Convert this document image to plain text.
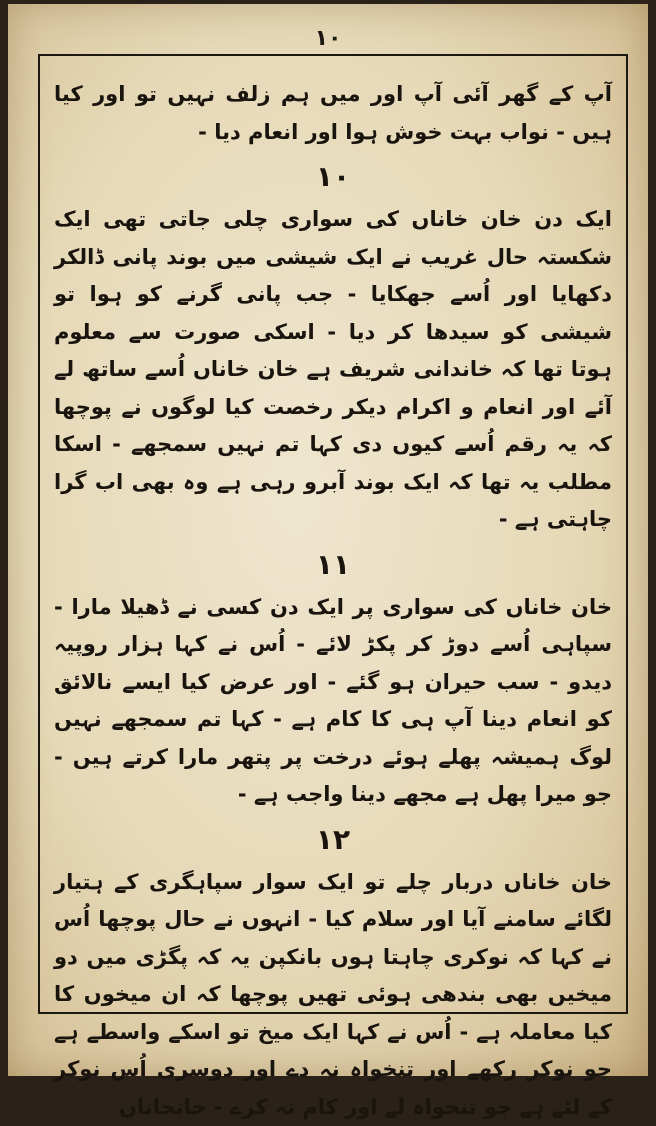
١٠

آپ کے گھر آئی آپ اور میں ہم زلف نہیں تو اور کیا ہیں - نواب بہت خوش ہوا اور انعام دیا -

١٠

ایک دن خان خاناں کی سواری چلی جاتی تھی ایک شکستہ حال غریب نے ایک شیشی میں بوند پانی ڈالکر دکھایا اور اُسے جھکایا - جب پانی گرنے کو ہوا تو شیشی کو سیدھا کر دیا - اسکی صورت سے معلوم ہوتا تھا کہ خاندانی شریف ہے خان خاناں اُسے ساتھ لے آئے اور انعام و اکرام دیکر رخصت کیا لوگوں نے پوچھا کہ یہ رقم اُسے کیوں دی کہا تم نہیں سمجھے - اسکا مطلب یہ تھا کہ ایک بوند آبرو رہی ہے وہ بھی اب گرا چاہتی ہے -

١١

خان خاناں کی سواری پر ایک دن کسی نے ڈھیلا مارا - سپاہی اُسے دوڑ کر پکڑ لائے - اُس نے کہا ہزار روپیہ دیدو - سب حیران ہو گئے - اور عرض کیا ایسے نالائق کو انعام دینا آپ ہی کا کام ہے - کہا تم سمجھے نہیں لوگ ہمیشہ پھلے ہوئے درخت پر پتھر مارا کرتے ہیں - جو میرا پھل ہے مجھے دینا واجب ہے -

١٢

خان خاناں دربار چلے تو ایک سوار سپاہگری کے ہتیار لگائے سامنے آیا اور سلام کیا - انہوں نے حال پوچھا اُس نے کہا کہ نوکری چاہتا ہوں بانکپن یہ کہ پگڑی میں دو میخیں بھی بندھی ہوئی تھیں پوچھا کہ ان میخوں کا کیا معاملہ ہے - اُس نے کہا ایک میخ تو اسکے واسطے ہے جو نوکر رکھے اور تنخواہ نہ دے اور دوسری اُس نوکر کے لئے ہے جو تنخواہ لے اور کام نہ کرے - خانخاناں
